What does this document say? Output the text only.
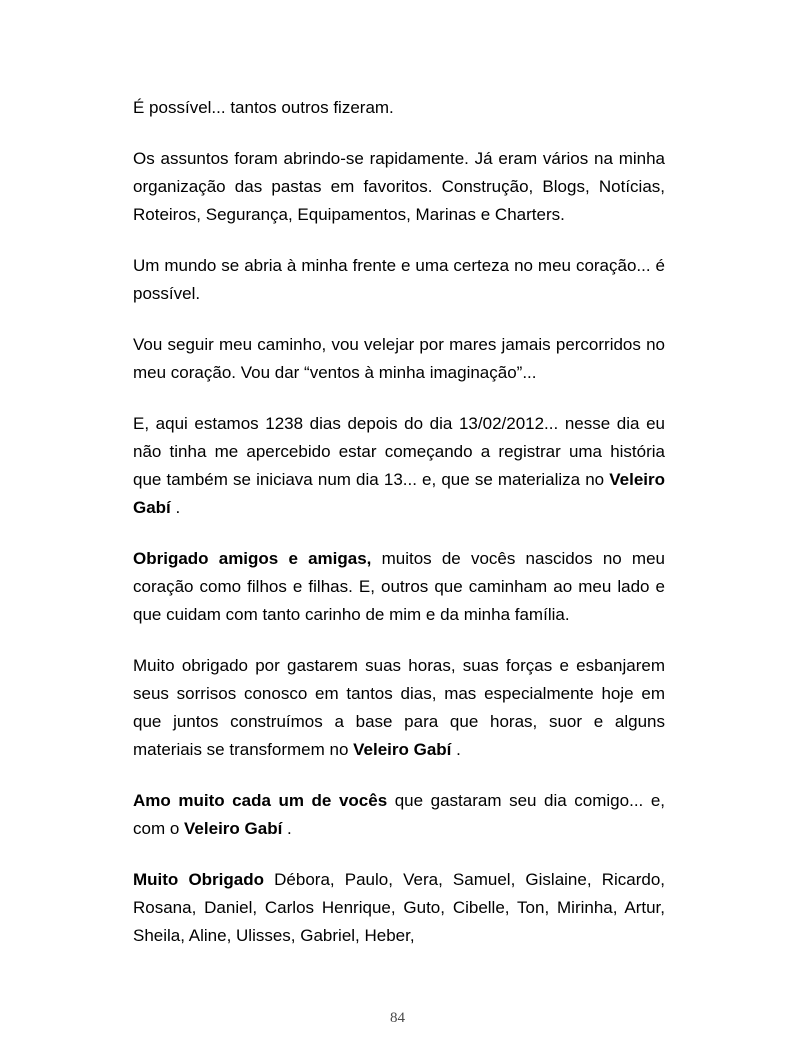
É possível... tantos outros fizeram.

Os assuntos foram abrindo-se rapidamente. Já eram vários na minha organização das pastas em favoritos. Construção, Blogs, Notícias, Roteiros, Segurança, Equipamentos, Marinas e Charters.

Um mundo se abria à minha frente e uma certeza no meu coração... é possível.

Vou seguir meu caminho, vou velejar por mares jamais percorridos no meu coração. Vou dar “ventos à minha imaginação”...

E, aqui estamos 1238 dias depois do dia 13/02/2012... nesse dia eu não tinha me apercebido estar começando a registrar uma história que também se iniciava num dia 13... e, que se materializa no Veleiro Gabí .

Obrigado amigos e amigas, muitos de vocês nascidos no meu coração como filhos e filhas. E, outros que caminham ao meu lado e que cuidam com tanto carinho de mim e da minha família.

Muito obrigado por gastarem suas horas, suas forças e esbanjarem seus sorrisos conosco em tantos dias, mas especialmente hoje em que juntos construímos a base para que horas, suor e alguns materiais se transformem no Veleiro Gabí .

Amo muito cada um de vocês que gastaram seu dia comigo... e, com o Veleiro Gabí .

Muito Obrigado Débora, Paulo, Vera, Samuel, Gislaine, Ricardo, Rosana, Daniel, Carlos Henrique, Guto, Cibelle, Ton, Mirinha, Artur, Sheila, Aline, Ulisses, Gabriel, Heber,

84
